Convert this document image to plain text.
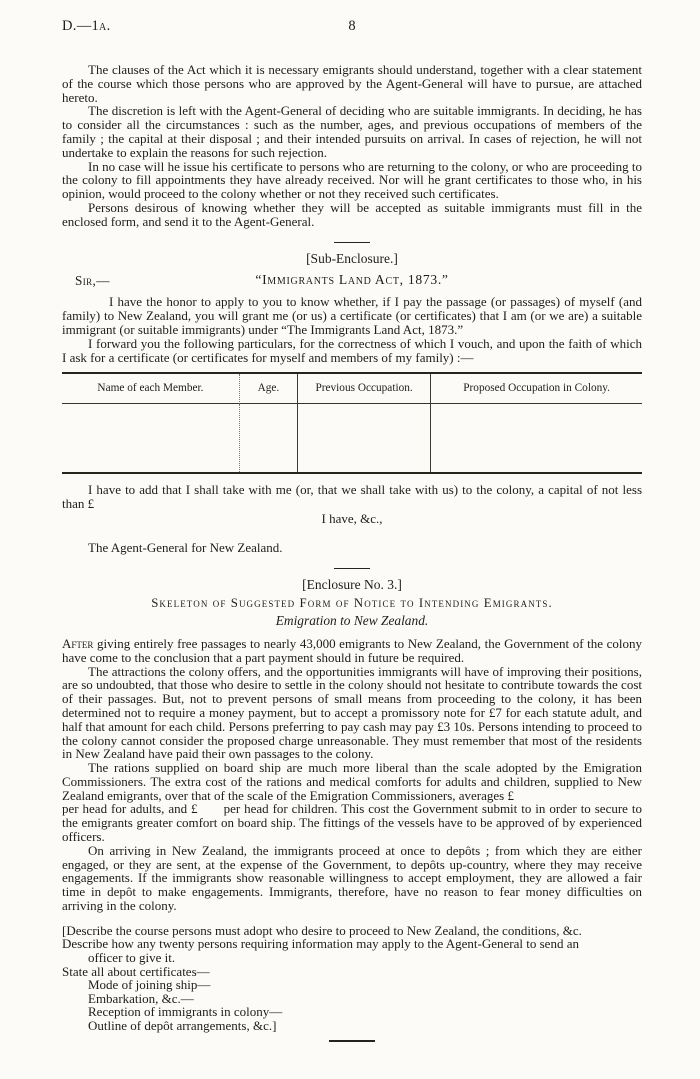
D.—1a.	8

The clauses of the Act which it is necessary emigrants should understand, together with a clear statement of the course which those persons who are approved by the Agent-General will have to pursue, are attached hereto.

The discretion is left with the Agent-General of deciding who are suitable immigrants. In deciding, he has to consider all the circumstances : such as the number, ages, and previous occupations of members of the family ; the capital at their disposal ; and their intended pursuits on arrival. In cases of rejection, he will not undertake to explain the reasons for such rejection.

In no case will he issue his certificate to persons who are returning to the colony, or who are proceeding to the colony to fill appointments they have already received. Nor will he grant certificates to those who, in his opinion, would proceed to the colony whether or not they received such certificates.

Persons desirous of knowing whether they will be accepted as suitable immigrants must fill in the enclosed form, and send it to the Agent-General.

[Sub-Enclosure.]
Sir,—	“Immigrants Land Act, 1873.”

I have the honor to apply to you to know whether, if I pay the passage (or passages) of myself (and family) to New Zealand, you will grant me (or us) a certificate (or certificates) that I am (or we are) a suitable immigrant (or suitable immigrants) under “The Immigrants Land Act, 1873.”

I forward you the following particulars, for the correctness of which I vouch, and upon the faith of which I ask for a certificate (or certificates for myself and members of my family) :—

Name of each Member.	Age.	Previous Occupation.	Proposed Occupation in Colony.

I have to add that I shall take with me (or, that we shall take with us) to the colony, a capital of not less than £

I have, &c.,
The Agent-General for New Zealand.
[Enclosure No. 3.]
Skeleton of Suggested Form of Notice to Intending Emigrants.
Emigration to New Zealand.

After giving entirely free passages to nearly 43,000 emigrants to New Zealand, the Government of the colony have come to the conclusion that a part payment should in future be required.

The attractions the colony offers, and the opportunities immigrants will have of improving their positions, are so undoubted, that those who desire to settle in the colony should not hesitate to contribute towards the cost of their passages. But, not to prevent persons of small means from proceeding to the colony, it has been determined not to require a money payment, but to accept a promissory note for £7 for each statute adult, and half that amount for each child. Persons preferring to pay cash may pay £3 10s. Persons intending to proceed to the colony cannot consider the proposed charge unreasonable. They must remember that most of the residents in New Zealand have paid their own passages to the colony.

The rations supplied on board ship are much more liberal than the scale adopted by the Emigration Commissioners. The extra cost of the rations and medical comforts for adults and children, supplied to New Zealand emigrants, over that of the scale of the Emigration Commissioners, averages £
per head for adults, and £ per head for children. This cost the Government submit to in order to secure to the emigrants greater comfort on board ship. The fittings of the vessels have to be approved of by experienced officers.

On arriving in New Zealand, the immigrants proceed at once to depôts ; from which they are either engaged, or they are sent, at the expense of the Government, to depôts up-country, where they may receive engagements. If the immigrants show reasonable willingness to accept employment, they are allowed a fair time in depôt to make engagements. Immigrants, therefore, have no reason to fear money difficulties on arriving in the colony.

[Describe the course persons must adopt who desire to proceed to New Zealand, the conditions, &c.
Describe how any twenty persons requiring information may apply to the Agent-General to send an
officer to give it.
State all about certificates—
Mode of joining ship—
Embarkation, &c.—
Reception of immigrants in colony—
Outline of depôt arrangements, &c.]
